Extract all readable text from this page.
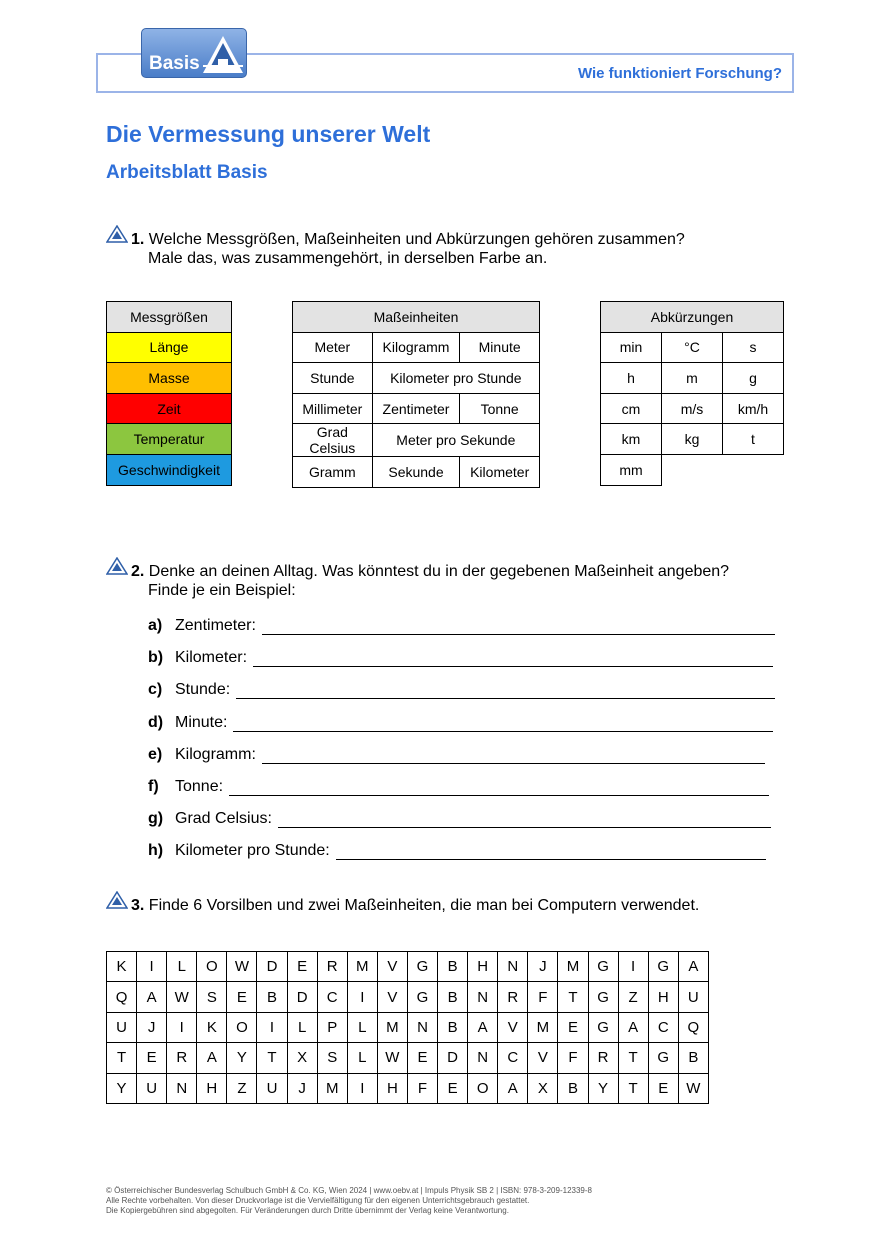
Wie funktioniert Forschung?
Basis
Die Vermessung unserer Welt
Arbeitsblatt Basis
1. Welche Messgrößen, Maßeinheiten und Abkürzungen gehören zusammen?
Male das, was zusammengehört, in derselben Farbe an.
Messgrößen
Länge
Masse
Zeit
Temperatur
Geschwindigkeit
Maßeinheiten		
Meter	Kilogramm	Minute
Stunde	Kilometer pro Stunde	
Millimeter	Zentimeter	Tonne
Grad Celsius	Meter pro Sekunde	
Gramm	Sekunde	Kilometer
Abkürzungen		
min	°C	s
h	m	g
cm	m/s	km/h
km	kg	t
mm		
2. Denke an deinen Alltag. Was könntest du in der gegebenen Maßeinheit angeben?
Finde je ein Beispiel:
a) Zentimeter:
b) Kilometer:
c) Stunde:
d) Minute:
e) Kilogramm:
f)	Tonne:
g) Grad Celsius:
h) Kilometer pro Stunde:
3. Finde 6 Vorsilben und zwei Maßeinheiten, die man bei Computern verwendet.
K	I	L	O	W	D	E	R	M	V	G	B	H	N	J	M	G	I	G	A
Q	A	W	S	E	B	D	C	I	V	G	B	N	R	F	T	G	Z	H	U
U	J	I	K	O	I	L	P	L	M	N	B	A	V	M	E	G	A	C	Q
T	E	R	A	Y	T	X	S	L	W	E	D	N	C	V	F	R	T	G	B
Y	U	N	H	Z	U	J	M	I	H	F	E	O	A	X	B	Y	T	E	W
© Österreichischer Bundesverlag Schulbuch GmbH & Co. KG, Wien 2024 | www.oebv.at | Impuls Physik SB 2 | ISBN: 978-3-209-12339-8
Alle Rechte vorbehalten. Von dieser Druckvorlage ist die Vervielfältigung für den eigenen Unterrichtsgebrauch gestattet.
Die Kopiergebühren sind abgegolten. Für Veränderungen durch Dritte übernimmt der Verlag keine Verantwortung.
